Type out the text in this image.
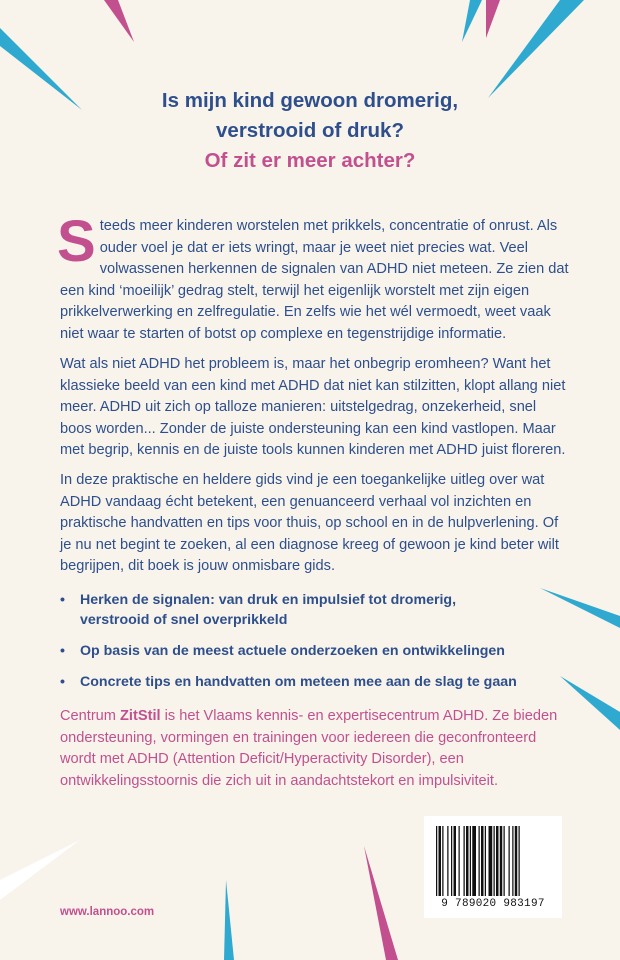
Is mijn kind gewoon dromerig,
verstrooid of druk?
Of zit er meer achter?

Steeds meer kinderen worstelen met prikkels, concentratie of onrust. Als ouder voel je dat er iets wringt, maar je weet niet precies wat. Veel volwassenen herkennen de signalen van ADHD niet meteen. Ze zien dat een kind ‘moeilijk’ gedrag stelt, terwijl het eigenlijk worstelt met zijn eigen prikkelverwerking en zelfregulatie. En zelfs wie het wél vermoedt, weet vaak niet waar te starten of botst op complexe en tegenstrijdige informatie.

Wat als niet ADHD het probleem is, maar het onbegrip eromheen? Want het klassieke beeld van een kind met ADHD dat niet kan stilzitten, klopt allang niet meer. ADHD uit zich op talloze manieren: uitstelgedrag, onzekerheid, snel boos worden... Zonder de juiste ondersteuning kan een kind vastlopen. Maar met begrip, kennis en de juiste tools kunnen kinderen met ADHD juist floreren.

In deze praktische en heldere gids vind je een toegankelijke uitleg over wat ADHD vandaag écht betekent, een genuanceerd verhaal vol inzichten en praktische handvatten en tips voor thuis, op school en in de hulpverlening. Of je nu net begint te zoeken, al een diagnose kreeg of gewoon je kind beter wilt begrijpen, dit boek is jouw onmisbare gids.

• Herken de signalen: van druk en impulsief tot dromerig,
verstrooid of snel overprikkeld
• Op basis van de meest actuele onderzoeken en ontwikkelingen
• Concrete tips en handvatten om meteen mee aan de slag te gaan

Centrum ZitStil is het Vlaams kennis- en expertisecentrum ADHD. Ze bieden ondersteuning, vormingen en trainingen voor iedereen die geconfronteerd wordt met ADHD (Attention Deficit/Hyperactivity Disorder), een ontwikkelingsstoornis die zich uit in aandachtstekort en impulsiviteit.

9 789020 983197
www.lannoo.com
